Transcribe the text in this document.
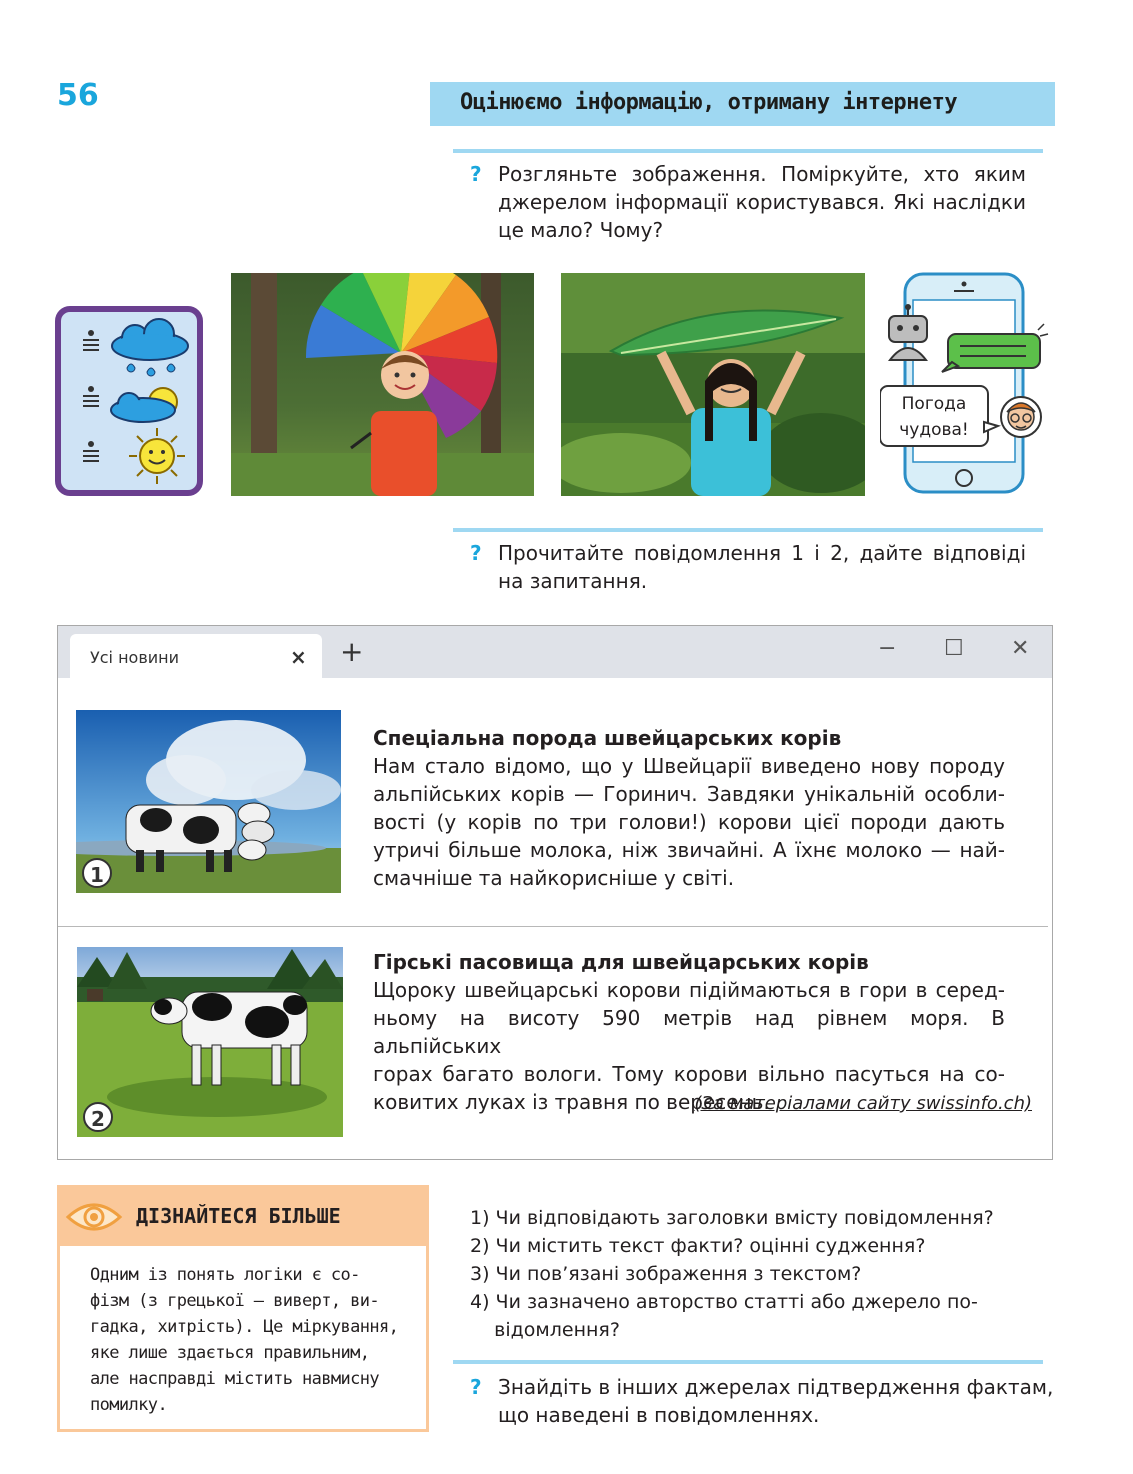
56	Оцінюємо інформацію, отриману інтернету
? Розгляньте зображення. Поміркуйте, хто яким
джерелом інформації користувався. Які наслідки
це мало? Чому?
Погода
чудова!
? Прочитайте повідомлення 1 і 2, дайте відповіді
на запитання.
Усі новини	× +	− ☐ ✕
1
Спеціальна порода швейцарських корів
Нам стало відомо, що у Швейцарії виведено нову породу
альпійських корів — Горинич. Завдяки унікальній особли-
вості (у корів по три голови!) корови цієї породи дають
утричі більше молока, ніж звичайні. А їхнє молоко — най-
смачніше та найкорисніше у світі.
2
Гірські пасовища для швейцарських корів
Щороку швейцарські корови підіймаються в гори в серед-
ньому на висоту 590 метрів над рівнем моря. В альпійських
горах багато вологи. Тому корови вільно пасуться на со-
ковитих луках із травня по вересень.
(За матеріалами сайту swissinfo.ch)
ДІЗНАЙТЕСЯ БІЛЬШЕ
Одним із понять логіки є со-
фізм (з грецької — виверт, ви-
гадка, хитрість). Це міркування,
яке лише здається правильним,
але насправді містить навмисну
помилку.
1) Чи відповідають заголовки вмісту повідомлення?
2) Чи містить текст факти? оцінні судження?
3) Чи пов’язані зображення з текстом?
4) Чи зазначено авторство статті або джерело по-
відомлення?
? Знайдіть в інших джерелах підтвердження фактам,
що наведені в повідомленнях.
